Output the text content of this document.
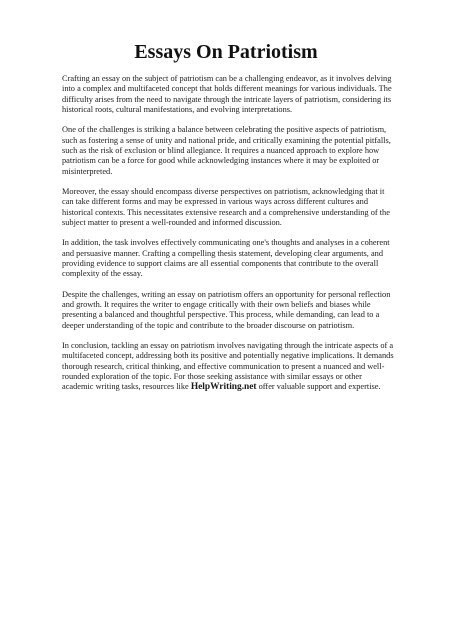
Essays On Patriotism

Crafting an essay on the subject of patriotism can be a challenging endeavor, as it involves delving into a complex and multifaceted concept that holds different meanings for various individuals. The difficulty arises from the need to navigate through the intricate layers of patriotism, considering its historical roots, cultural manifestations, and evolving interpretations.

One of the challenges is striking a balance between celebrating the positive aspects of patriotism, such as fostering a sense of unity and national pride, and critically examining the potential pitfalls, such as the risk of exclusion or blind allegiance. It requires a nuanced approach to explore how patriotism can be a force for good while acknowledging instances where it may be exploited or misinterpreted.

Moreover, the essay should encompass diverse perspectives on patriotism, acknowledging that it can take different forms and may be expressed in various ways across different cultures and historical contexts. This necessitates extensive research and a comprehensive understanding of the subject matter to present a well-rounded and informed discussion.

In addition, the task involves effectively communicating one's thoughts and analyses in a coherent and persuasive manner. Crafting a compelling thesis statement, developing clear arguments, and providing evidence to support claims are all essential components that contribute to the overall complexity of the essay.

Despite the challenges, writing an essay on patriotism offers an opportunity for personal reflection and growth. It requires the writer to engage critically with their own beliefs and biases while presenting a balanced and thoughtful perspective. This process, while demanding, can lead to a deeper understanding of the topic and contribute to the broader discourse on patriotism.

In conclusion, tackling an essay on patriotism involves navigating through the intricate aspects of a multifaceted concept, addressing both its positive and potentially negative implications. It demands thorough research, critical thinking, and effective communication to present a nuanced and well-rounded exploration of the topic. For those seeking assistance with similar essays or other academic writing tasks, resources like HelpWriting.net offer valuable support and expertise.
